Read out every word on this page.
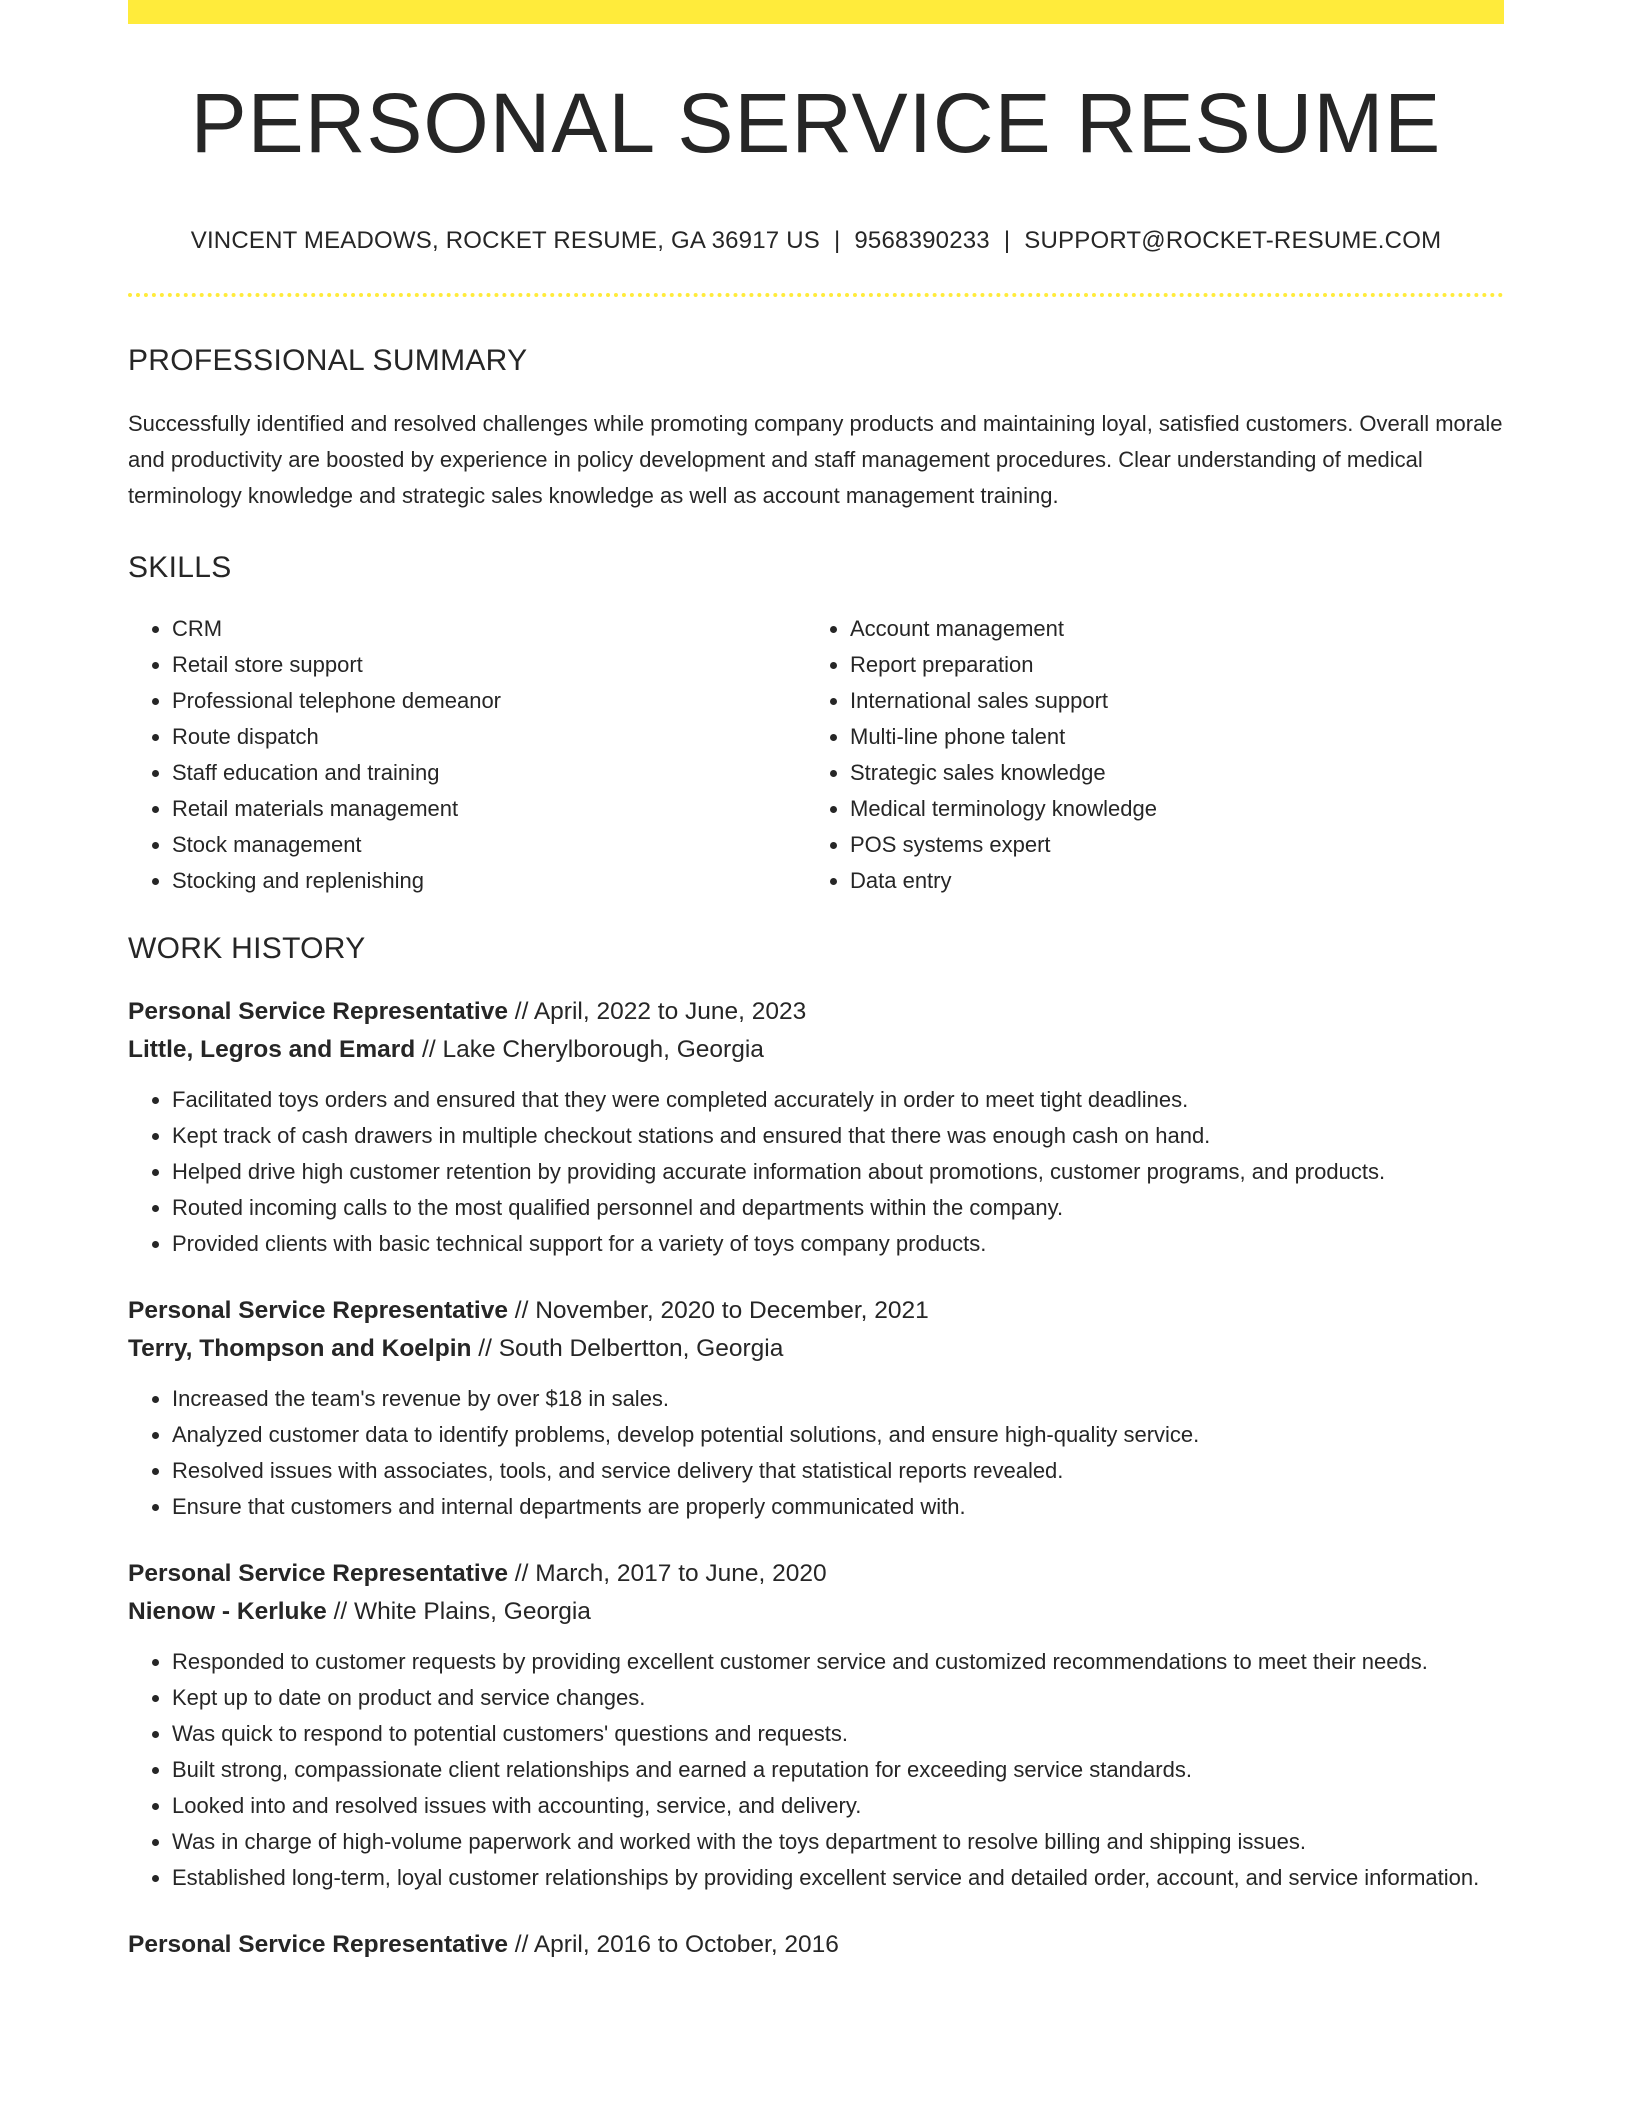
PERSONAL SERVICE RESUME
VINCENT MEADOWS, ROCKET RESUME, GA 36917 US | 9568390233 | SUPPORT@ROCKET-RESUME.COM
PROFESSIONAL SUMMARY

Successfully identified and resolved challenges while promoting company products and maintaining loyal, satisfied customers. Overall morale and productivity are boosted by experience in policy development and staff management procedures. Clear understanding of medical terminology knowledge and strategic sales knowledge as well as account management training.

SKILLS
• CRM
• Retail store support
• Professional telephone demeanor
• Route dispatch
• Staff education and training
• Retail materials management
• Stock management
• Stocking and replenishing
• Account management
• Report preparation
• International sales support
• Multi-line phone talent
• Strategic sales knowledge
• Medical terminology knowledge
• POS systems expert
• Data entry
WORK HISTORY
Personal Service Representative // April, 2022 to June, 2023
Little, Legros and Emard // Lake Cherylborough, Georgia
• Facilitated toys orders and ensured that they were completed accurately in order to meet tight deadlines.
• Kept track of cash drawers in multiple checkout stations and ensured that there was enough cash on hand.
• Helped drive high customer retention by providing accurate information about promotions, customer programs, and products.
• Routed incoming calls to the most qualified personnel and departments within the company.
• Provided clients with basic technical support for a variety of toys company products.
Personal Service Representative // November, 2020 to December, 2021
Terry, Thompson and Koelpin // South Delbertton, Georgia
• Increased the team's revenue by over $18 in sales.
• Analyzed customer data to identify problems, develop potential solutions, and ensure high-quality service.
• Resolved issues with associates, tools, and service delivery that statistical reports revealed.
• Ensure that customers and internal departments are properly communicated with.
Personal Service Representative // March, 2017 to June, 2020
Nienow - Kerluke // White Plains, Georgia
• Responded to customer requests by providing excellent customer service and customized recommendations to meet their needs.
• Kept up to date on product and service changes.
• Was quick to respond to potential customers' questions and requests.
• Built strong, compassionate client relationships and earned a reputation for exceeding service standards.
• Looked into and resolved issues with accounting, service, and delivery.
• Was in charge of high-volume paperwork and worked with the toys department to resolve billing and shipping issues.
• Established long-term, loyal customer relationships by providing excellent service and detailed order, account, and service information.
Personal Service Representative // April, 2016 to October, 2016
